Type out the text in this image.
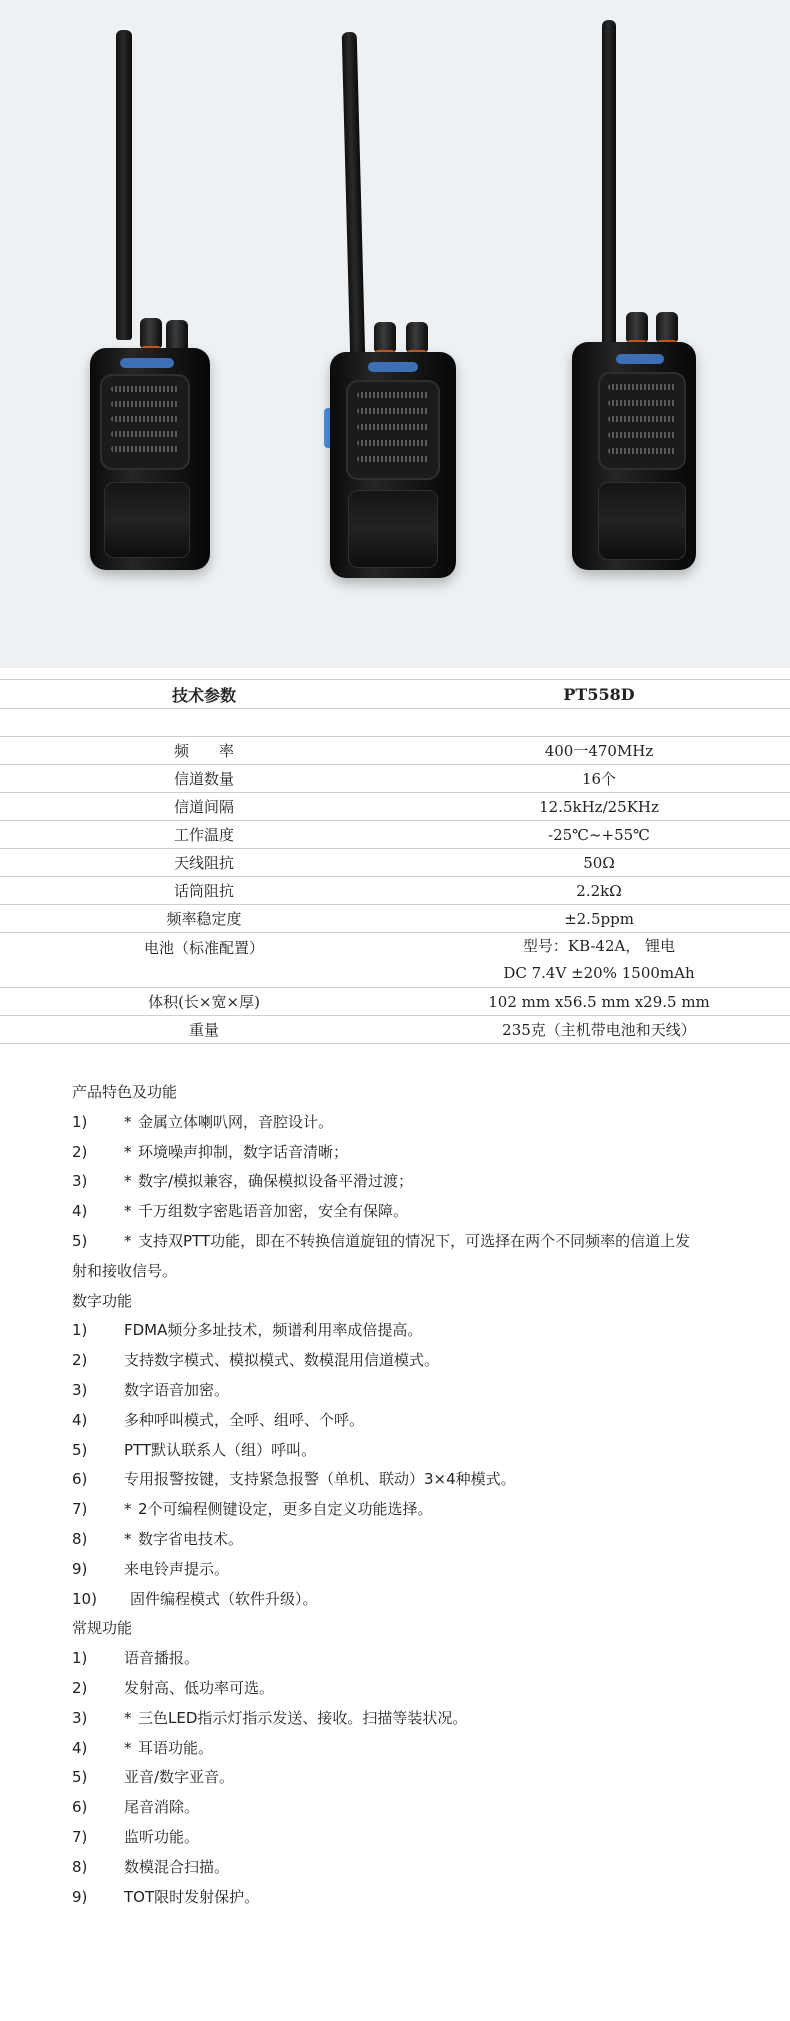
技术参数	PT558D

频　　率	400一470MHz
信道数量	16个
信道间隔	12.5kHz/25KHz
工作温度	-25℃~+55℃
天线阻抗	50Ω
话筒阻抗	2.2kΩ
频率稳定度	±2.5ppm
电池（标准配置）	型号：KB-42A， 锂电
DC 7.4V ±20% 1500mAh

体积(长×宽×厚)	102 mm x56.5 mm x29.5 mm
重量	235克（主机带电池和天线）
产品特色及功能
1)	* 金属立体喇叭网，音腔设计。
2)	* 环境噪声抑制，数字话音清晰；
3)	* 数字/模拟兼容，确保模拟设备平滑过渡；
4)	* 千万组数字密匙语音加密，安全有保障。
5)	* 支持双PTT功能，即在不转换信道旋钮的情况下，可选择在两个不同频率的信道上发
射和接收信号。
数字功能
1)	FDMA频分多址技术，频谱利用率成倍提高。
2)	支持数字模式、模拟模式、数模混用信道模式。
3)	数字语音加密。
4)	多种呼叫模式，全呼、组呼、个呼。
5)	PTT默认联系人（组）呼叫。
6)	专用报警按键，支持紧急报警（单机、联动）3×4种模式。
7)	* 2个可编程侧键设定，更多自定义功能选择。
8)	* 数字省电技术。
9)	来电铃声提示。
10)	固件编程模式（软件升级）。
常规功能
1)	语音播报。
2)	发射高、低功率可选。
3)	* 三色LED指示灯指示发送、接收。扫描等装状况。
4)	* 耳语功能。
5)	亚音/数字亚音。
6)	尾音消除。
7)	监听功能。
8)	数模混合扫描。
9)	TOT限时发射保护。
